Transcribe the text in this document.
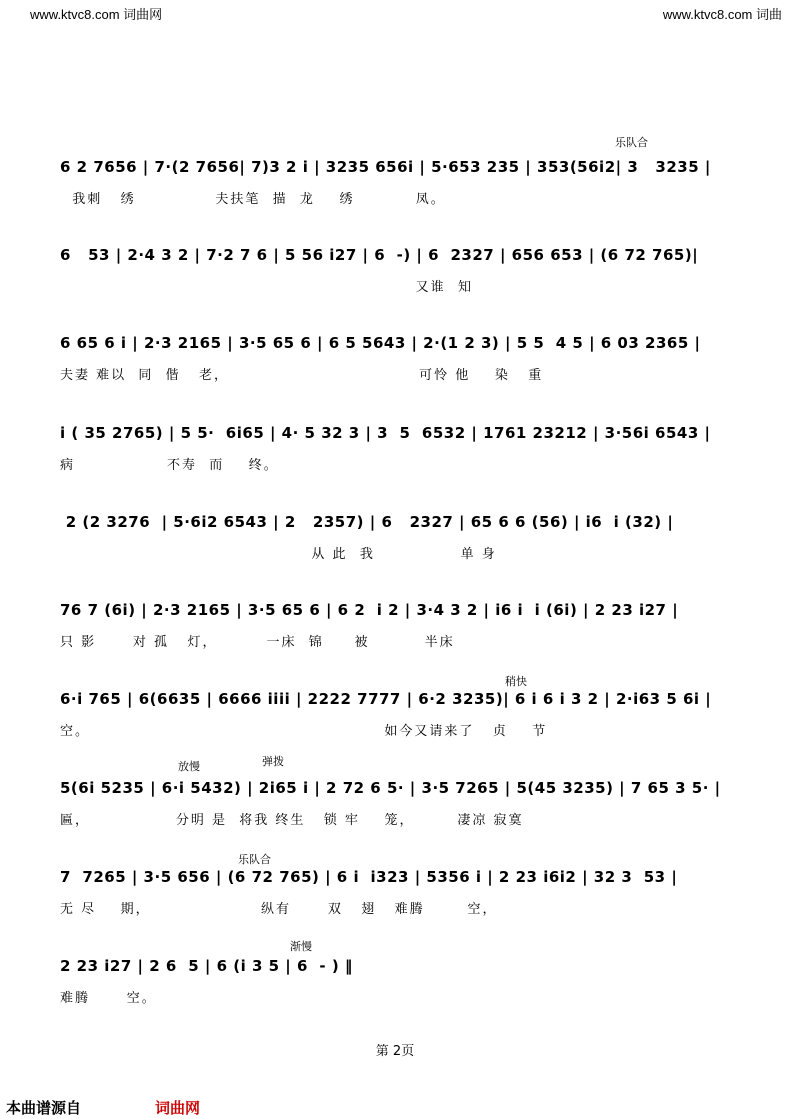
www.ktvc8.com 词曲网	www.ktvc8.com 词曲
6 2 7656 | 7·(2 7656| 7)3 2 i | 3235 656i | 5·653 235 | 353(56i2| 3   3235 |
我刺   绣             夫扶笔  描  龙    绣          凤。
乐队合
6   53 | 2·4 3 2 | 7·2 7 6 | 5 56 i27 | 6  -) | 6  2327 | 656 653 | (6 72 765)|
又谁  知
6 65 6 i | 2·3 2165 | 3·5 65 6 | 6 5 5643 | 2·(1 2 3) | 5 5  4 5 | 6 03 2365 |
夫妻 难以  同  偕   老，                               可怜 他    染   重
i ( 35 2765) | 5 5·  6i65 | 4· 5 32 3 | 3  5  6532 | 1761 23212 | 3·56i 6543 |
病               不寿  而    终。
2 (2 3276  | 5·6i2 6543 | 2   2357) | 6   2327 | 65 6 6 (56) | i6  i (32) |
从 此  我              单 身
76 7 (6i) | 2·3 2165 | 3·5 65 6 | 6 2  i 2 | 3·4 3 2 | i6 i  i (6i) | 2 23 i27 |
只 影      对 孤   灯，        一床  锦     被         半床
6·i 765 | 6(6635 | 6666 iiii | 2222 7777 | 6·2 3235)| 6 i 6 i 3 2 | 2·i63 5 6i |
空。                                                如今又请来了   贞    节
稍快
5(6i 5235 | 6·i 5432) | 2i65 i | 2 72 6 5· | 3·5 7265 | 5(45 3235) | 7 65 3 5· |
匾，              分明 是  将我 终生   锁 牢    笼，       凄凉 寂寞
放慢	弹拨
7  7265 | 3·5 656 | (6 72 765) | 6 i  i323 | 5356 i | 2 23 i6i2 | 32 3  53 |
无 尽    期，                  纵有      双   翅   难腾       空，
乐队合
2 23 i27 | 2 6  5 | 6 (i 3 5 | 6  - ) ‖
难腾      空。
渐慢
第 2页
本曲谱源自	词曲网
